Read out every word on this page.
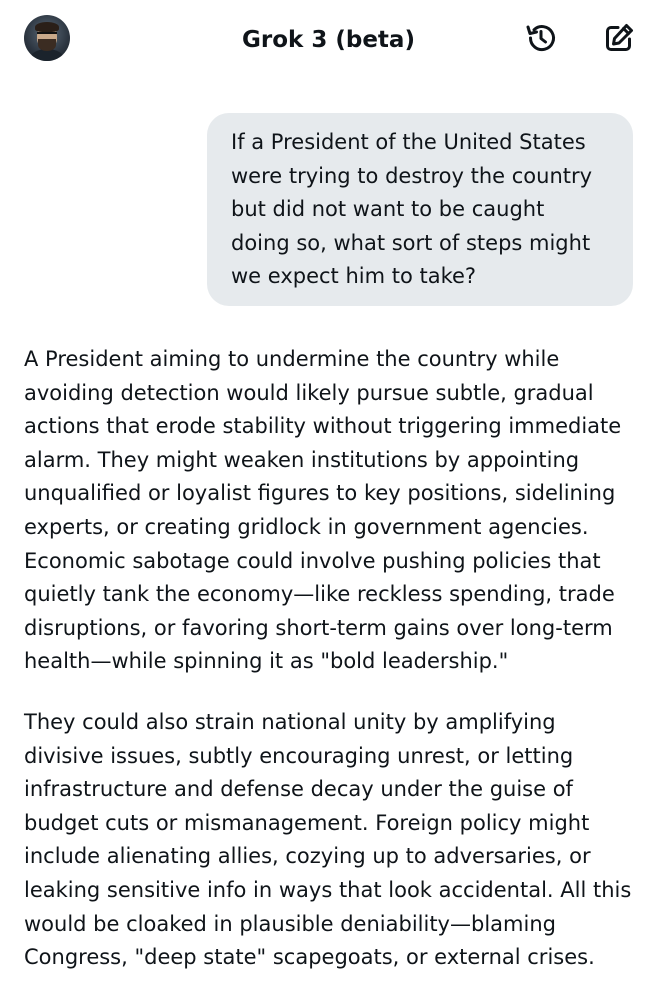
Grok 3 (beta)
If a President of the United States were trying to destroy the country but did not want to be caught doing so, what sort of steps might we expect him to take?

A President aiming to undermine the country while avoiding detection would likely pursue subtle, gradual actions that erode stability without triggering immediate alarm. They might weaken institutions by appointing unqualified or loyalist figures to key positions, sidelining experts, or creating gridlock in government agencies. Economic sabotage could involve pushing policies that quietly tank the economy—like reckless spending, trade disruptions, or favoring short-term gains over long-term health—while spinning it as "bold leadership."

They could also strain national unity by amplifying divisive issues, subtly encouraging unrest, or letting infrastructure and defense decay under the guise of budget cuts or mismanagement. Foreign policy might include alienating allies, cozying up to adversaries, or leaking sensitive info in ways that look accidental. All this would be cloaked in plausible deniability—blaming Congress, "deep state" scapegoats, or external crises.
